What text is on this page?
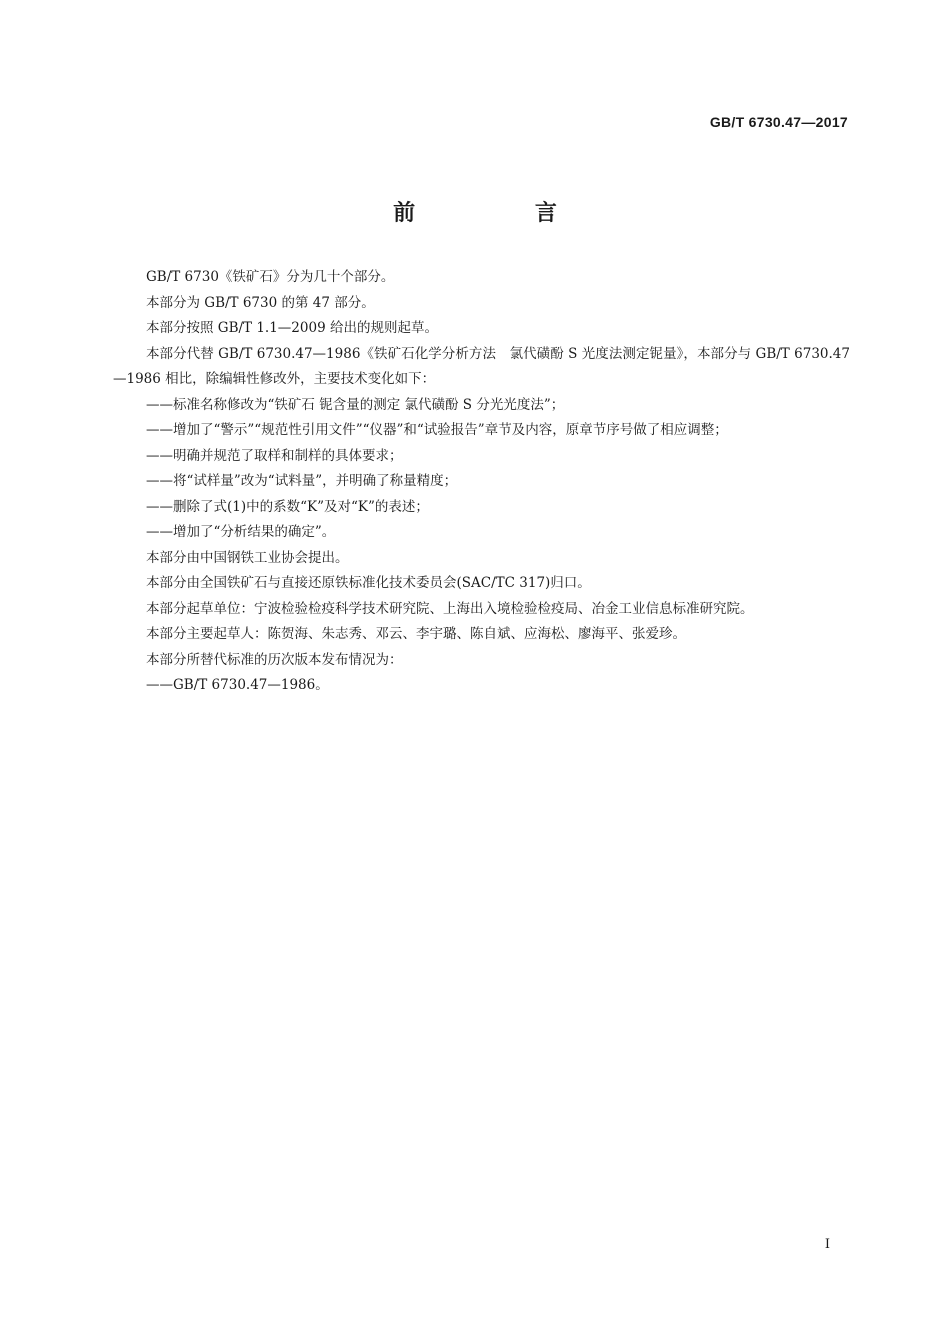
GB/T 6730.47—2017
前 言

GB/T 6730《铁矿石》分为几十个部分。

本部分为 GB/T 6730 的第 47 部分。

本部分按照 GB/T 1.1—2009 给出的规则起草。

本部分代替 GB/T 6730.47—1986《铁矿石化学分析方法　氯代磺酚 S 光度法测定铌量》，本部分与 GB/T 6730.47—1986 相比，除编辑性修改外，主要技术变化如下：

——标准名称修改为“铁矿石 铌含量的测定 氯代磺酚 S 分光光度法”；

——增加了“警示”“规范性引用文件”“仪器”和“试验报告”章节及内容，原章节序号做了相应调整；

——明确并规范了取样和制样的具体要求；

——将“试样量”改为“试料量”，并明确了称量精度；

——删除了式(1)中的系数“K”及对“K”的表述；

——增加了“分析结果的确定”。

本部分由中国钢铁工业协会提出。

本部分由全国铁矿石与直接还原铁标准化技术委员会(SAC/TC 317)归口。

本部分起草单位：宁波检验检疫科学技术研究院、上海出入境检验检疫局、冶金工业信息标准研究院。

本部分主要起草人：陈贺海、朱志秀、邓云、李宇璐、陈自斌、应海松、廖海平、张爱珍。

本部分所替代标准的历次版本发布情况为：

——GB/T 6730.47—1986。

I
